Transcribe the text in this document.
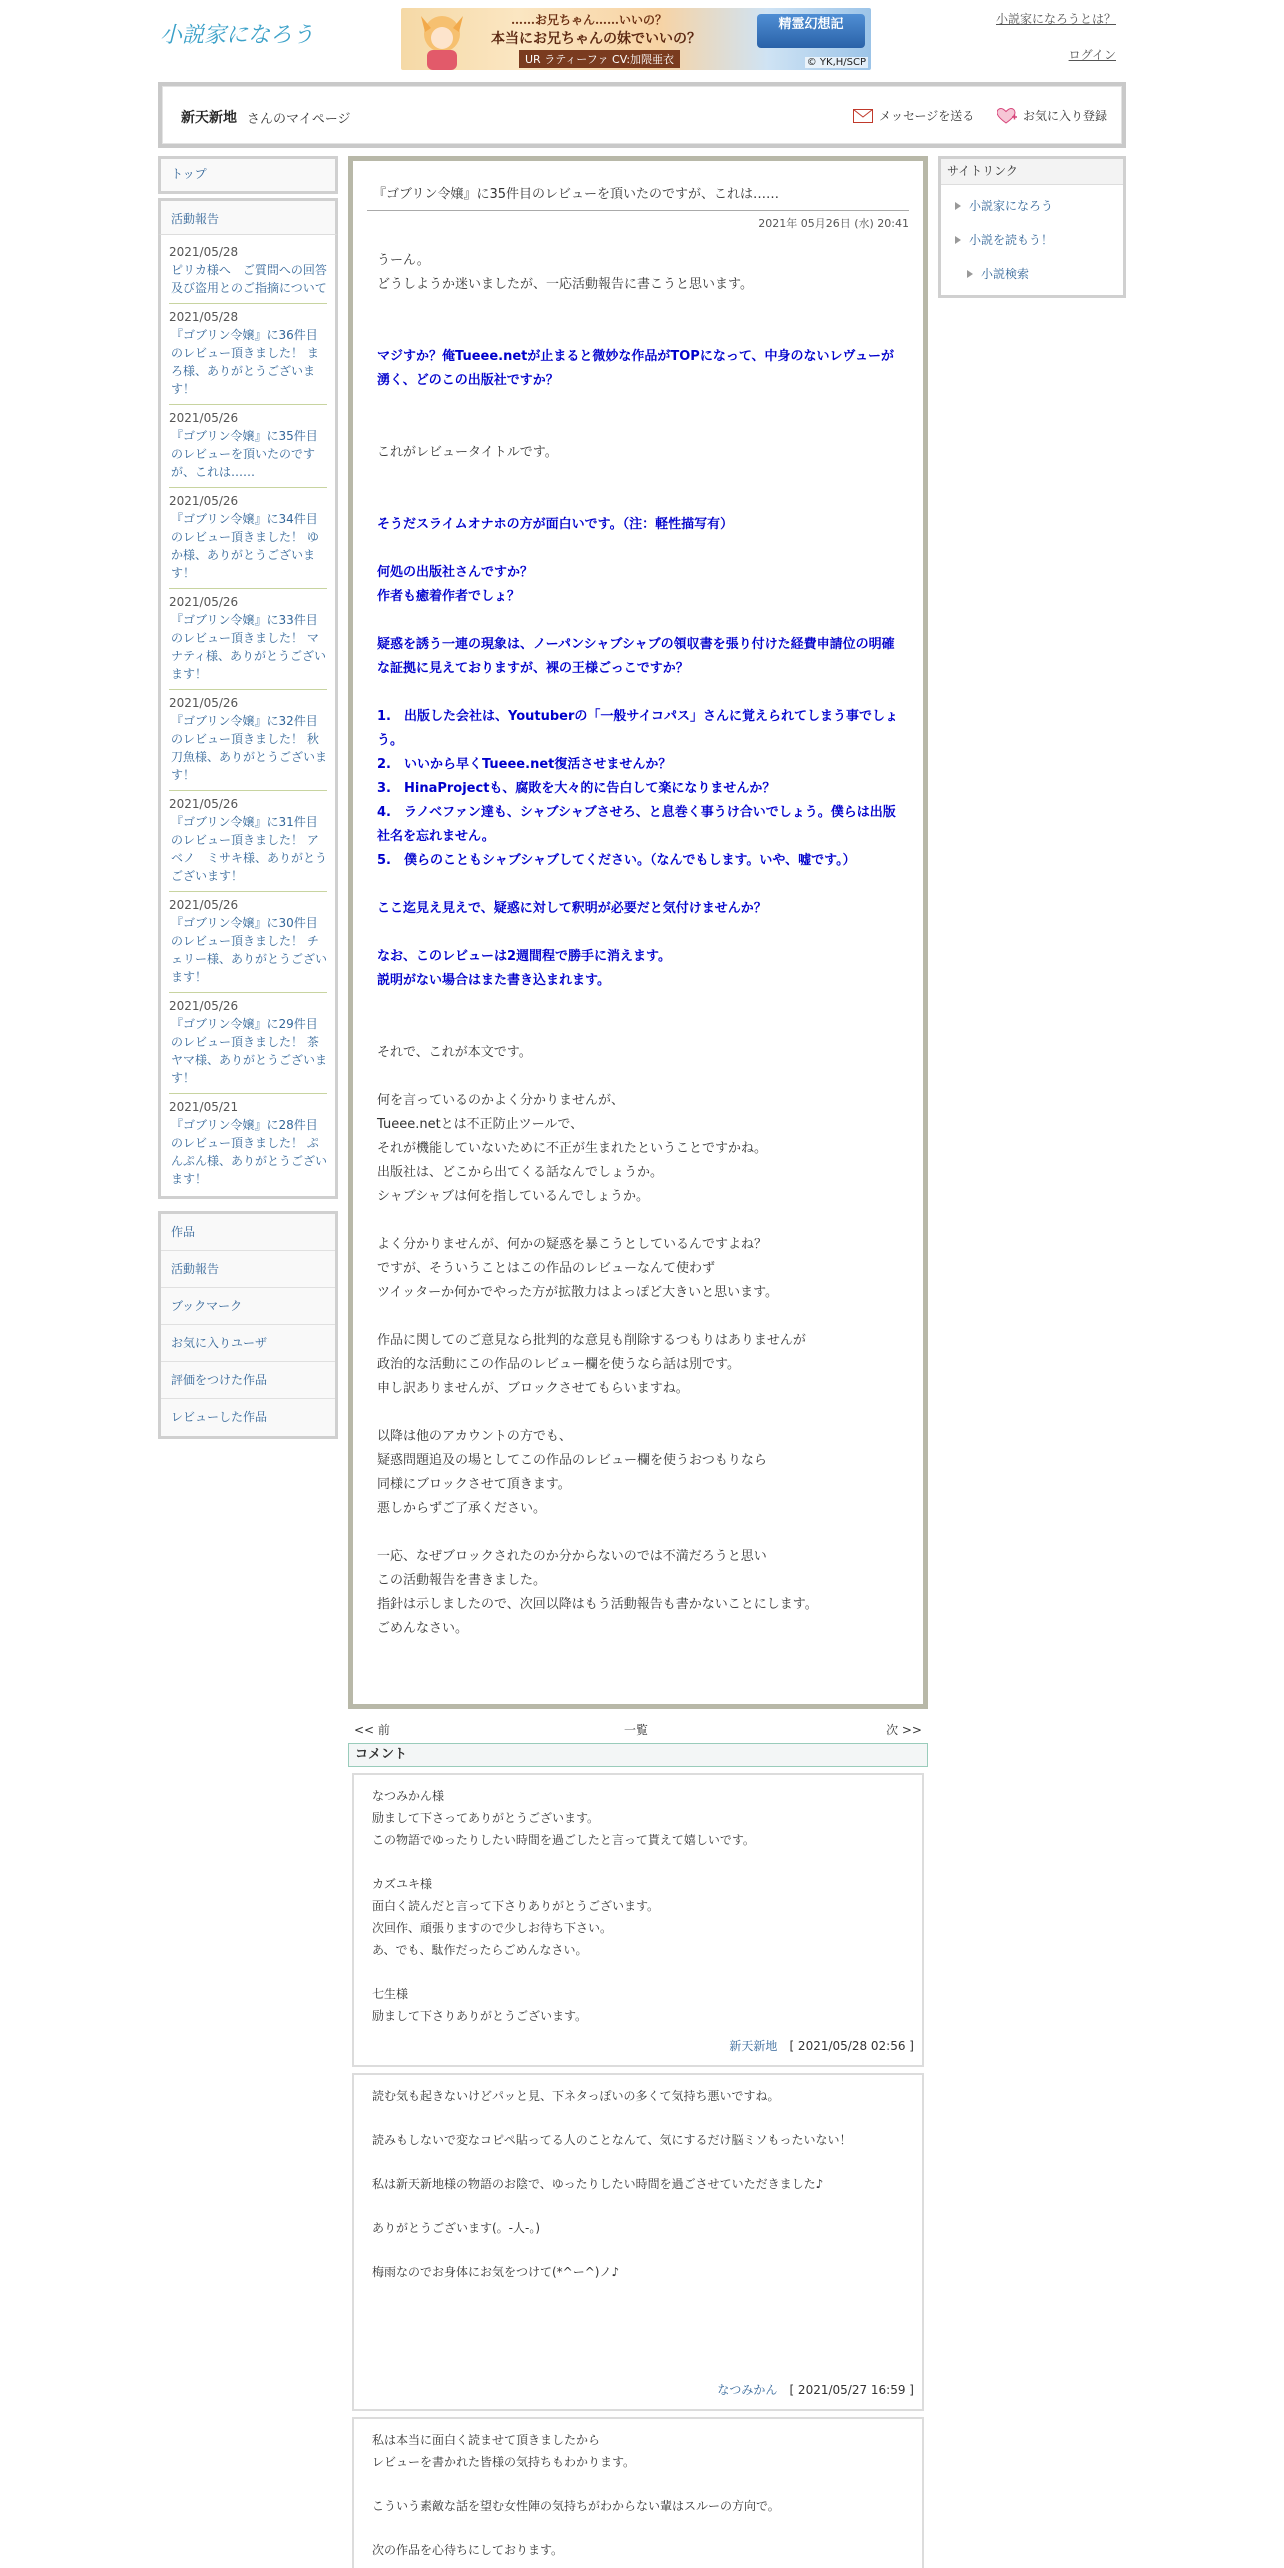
小説家になろう
……お兄ちゃん……いいの？
本当にお兄ちゃんの妹でいいの？
UR ラティーファ CV:加隈亜衣
精霊幻想記
© YK,H/SCP
小説家になろうとは？
ログイン
新天新地 さんのマイページ	メッセージを送る	お気に入り登録
トップ
活動報告
2021/05/28
ピリカ様へ　ご質問への回答及び盗用とのご指摘について
2021/05/28
『ゴブリン令嬢』に36件目のレビュー頂きました！ まろ様、ありがとうございます！
2021/05/26
『ゴブリン令嬢』に35件目のレビューを頂いたのですが、これは……
2021/05/26
『ゴブリン令嬢』に34件目のレビュー頂きました！ ゆか様、ありがとうございます！
2021/05/26
『ゴブリン令嬢』に33件目のレビュー頂きました！ マナティ様、ありがとうございます！
2021/05/26
『ゴブリン令嬢』に32件目のレビュー頂きました！ 秋刀魚様、ありがとうございます！
2021/05/26
『ゴブリン令嬢』に31件目のレビュー頂きました！ アベノ　ミサキ様、ありがとうございます！
2021/05/26
『ゴブリン令嬢』に30件目のレビュー頂きました！ チェリー様、ありがとうございます！
2021/05/26
『ゴブリン令嬢』に29件目のレビュー頂きました！ 茶ヤマ様、ありがとうございます！
2021/05/21
『ゴブリン令嬢』に28件目のレビュー頂きました！ ぷんぷん様、ありがとうございます！
作品
活動報告
ブックマーク
お気に入りユーザ
評価をつけた作品
レビューした作品
『ゴブリン令嬢』に35件目のレビューを頂いたのですが、これは……
2021年 05月26日 (水) 20:41
うーん。
どうしようか迷いましたが、一応活動報告に書こうと思います。
マジすか？俺Tueee.netが止まると微妙な作品がTOPになって、中身のないレヴューが湧く、どのこの出版社ですか？
これがレビュータイトルです。
そうだスライムオナホの方が面白いです。（注：軽性描写有）
何処の出版社さんですか？
作者も癒着作者でしょ？
疑惑を誘う一連の現象は、ノーパンシャブシャブの領収書を張り付けた経費申請位の明確な証拠に見えておりますが、裸の王様ごっこですか？
1.　出版した会社は、Youtuberの「一般サイコパス」さんに覚えられてしまう事でしょう。
2.　いいから早くTueee.net復活させませんか？
3.　HinaProjectも、腐敗を大々的に告白して楽になりませんか？
4.　ラノベファン達も、シャブシャブさせろ、と息巻く事うけ合いでしょう。僕らは出版社名を忘れません。
5.　僕らのこともシャブシャブしてください。（なんでもします。いや、嘘です。）
ここ迄見え見えで、疑惑に対して釈明が必要だと気付けませんか？
なお、このレビューは2週間程で勝手に消えます。
説明がない場合はまた書き込まれます。
それで、これが本文です。
何を言っているのかよく分かりませんが、
Tueee.netとは不正防止ツールで、
それが機能していないために不正が生まれたということですかね。
出版社は、どこから出てくる話なんでしょうか。
シャブシャブは何を指しているんでしょうか。
よく分かりませんが、何かの疑惑を暴こうとしているんですよね？
ですが、そういうことはこの作品のレビューなんて使わず
ツイッターか何かでやった方が拡散力はよっぽど大きいと思います。
作品に関してのご意見なら批判的な意見も削除するつもりはありませんが
政治的な活動にこの作品のレビュー欄を使うなら話は別です。
申し訳ありませんが、ブロックさせてもらいますね。
以降は他のアカウントの方でも、
疑惑問題追及の場としてこの作品のレビュー欄を使うおつもりなら
同様にブロックさせて頂きます。
悪しからずご了承ください。
一応、なぜブロックされたのか分からないのでは不満だろうと思い
この活動報告を書きました。
指針は示しましたので、次回以降はもう活動報告も書かないことにします。
ごめんなさい。
<< 前	一覧	次 >>
コメント
なつみかん様
励まして下さってありがとうございます。
この物語でゆったりしたい時間を過ごしたと言って貰えて嬉しいです。
カズユキ様
面白く読んだと言って下さりありがとうございます。
次回作、頑張りますので少しお待ち下さい。
あ、でも、駄作だったらごめんなさい。
七生様
励まして下さりありがとうございます。
新天新地 [ 2021/05/28 02:56 ]
読む気も起きないけどパッと見、下ネタっぽいの多くて気持ち悪いですね。
読みもしないで変なコピペ貼ってる人のことなんて、気にするだけ脳ミソもったいない！
私は新天新地様の物語のお陰で、ゆったりしたい時間を過ごさせていただきました♪
ありがとうございます(。-人-。)
梅雨なのでお身体にお気をつけて(*^ー^)ノ♪
なつみかん [ 2021/05/27 16:59 ]
私は本当に面白く読ませて頂きましたから
レビューを書かれた皆様の気持ちもわかります。
こういう素敵な話を望む女性陣の気持ちがわからない輩はスルーの方向で。
次の作品を心待ちにしております。
サイトリンク
小説家になろう
小説を読もう！
小説検索
